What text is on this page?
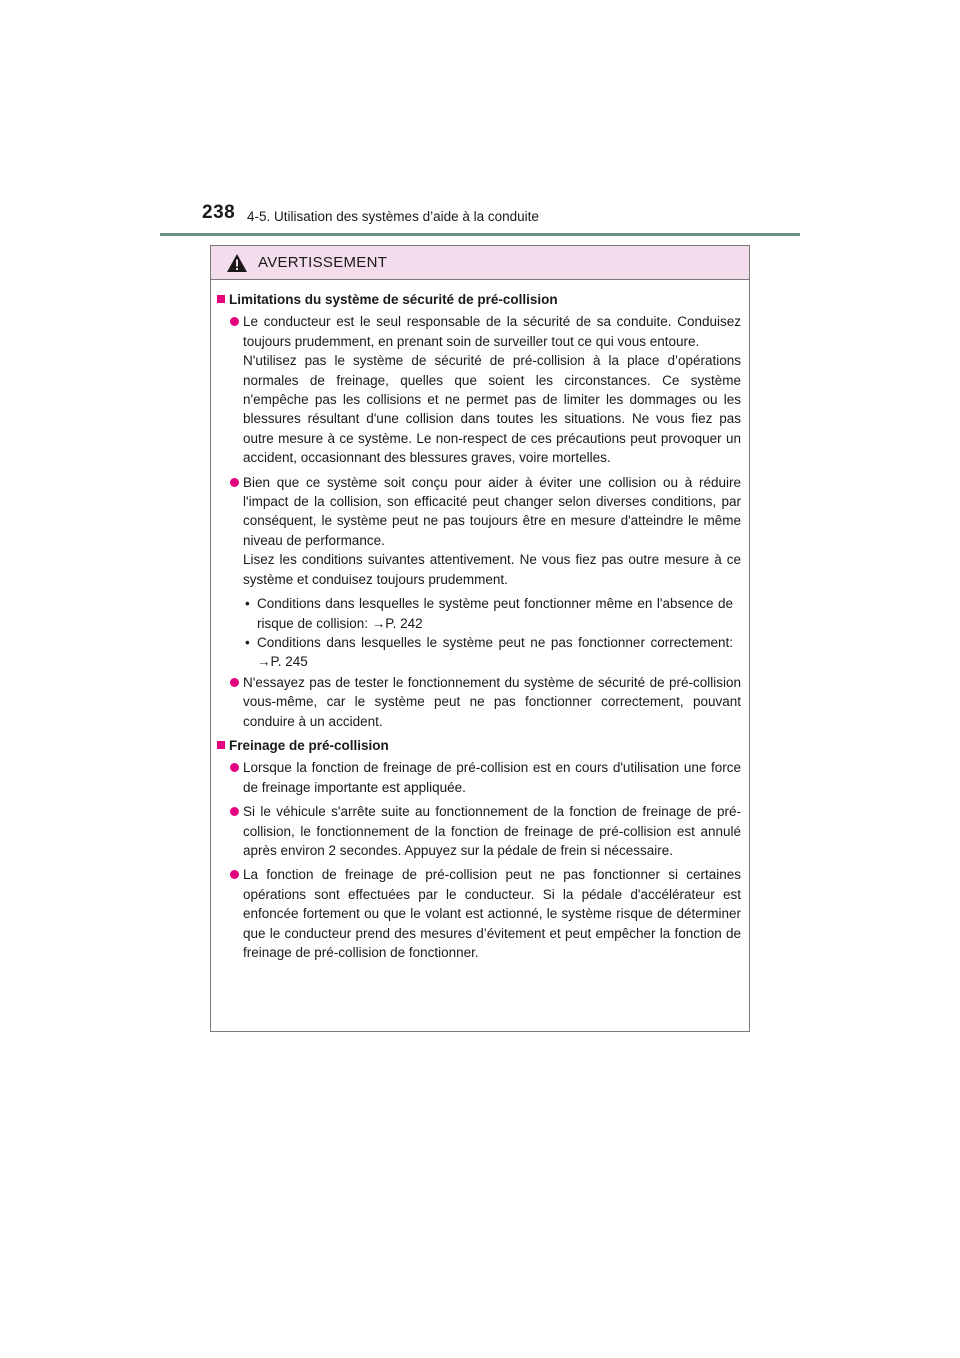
238 4-5. Utilisation des systèmes d’aide à la conduite
AVERTISSEMENT
Limitations du système de sécurité de pré-collision

Le conducteur est le seul responsable de la sécurité de sa conduite. Conduisez toujours prudemment, en prenant soin de surveiller tout ce qui vous entoure.

N'utilisez pas le système de sécurité de pré-collision à la place d’opérations normales de freinage, quelles que soient les circonstances. Ce système n'empêche pas les collisions et ne permet pas de limiter les dommages ou les blessures résultant d'une collision dans toutes les situations. Ne vous fiez pas outre mesure à ce système. Le non-respect de ces précautions peut provoquer un accident, occasionnant des blessures graves, voire mortelles.

Bien que ce système soit conçu pour aider à éviter une collision ou à réduire l'impact de la collision, son efficacité peut changer selon diverses conditions, par conséquent, le système peut ne pas toujours être en mesure d'atteindre le même niveau de performance.

Lisez les conditions suivantes attentivement. Ne vous fiez pas outre mesure à ce système et conduisez toujours prudemment.

• Conditions dans lesquelles le système peut fonctionner même en l'absence de risque de collision: →P. 242
• Conditions dans lesquelles le système peut ne pas fonctionner correctement: →P. 245

N'essayez pas de tester le fonctionnement du système de sécurité de pré-collision vous-même, car le système peut ne pas fonctionner correctement, pouvant conduire à un accident.

Freinage de pré-collision

Lorsque la fonction de freinage de pré-collision est en cours d'utilisation une force de freinage importante est appliquée.

Si le véhicule s'arrête suite au fonctionnement de la fonction de freinage de pré-collision, le fonctionnement de la fonction de freinage de pré-collision est annulé après environ 2 secondes. Appuyez sur la pédale de frein si nécessaire.

La fonction de freinage de pré-collision peut ne pas fonctionner si certaines opérations sont effectuées par le conducteur. Si la pédale d'accélérateur est enfoncée fortement ou que le volant est actionné, le système risque de déterminer que le conducteur prend des mesures d’évitement et peut empêcher la fonction de freinage de pré-collision de fonctionner.
